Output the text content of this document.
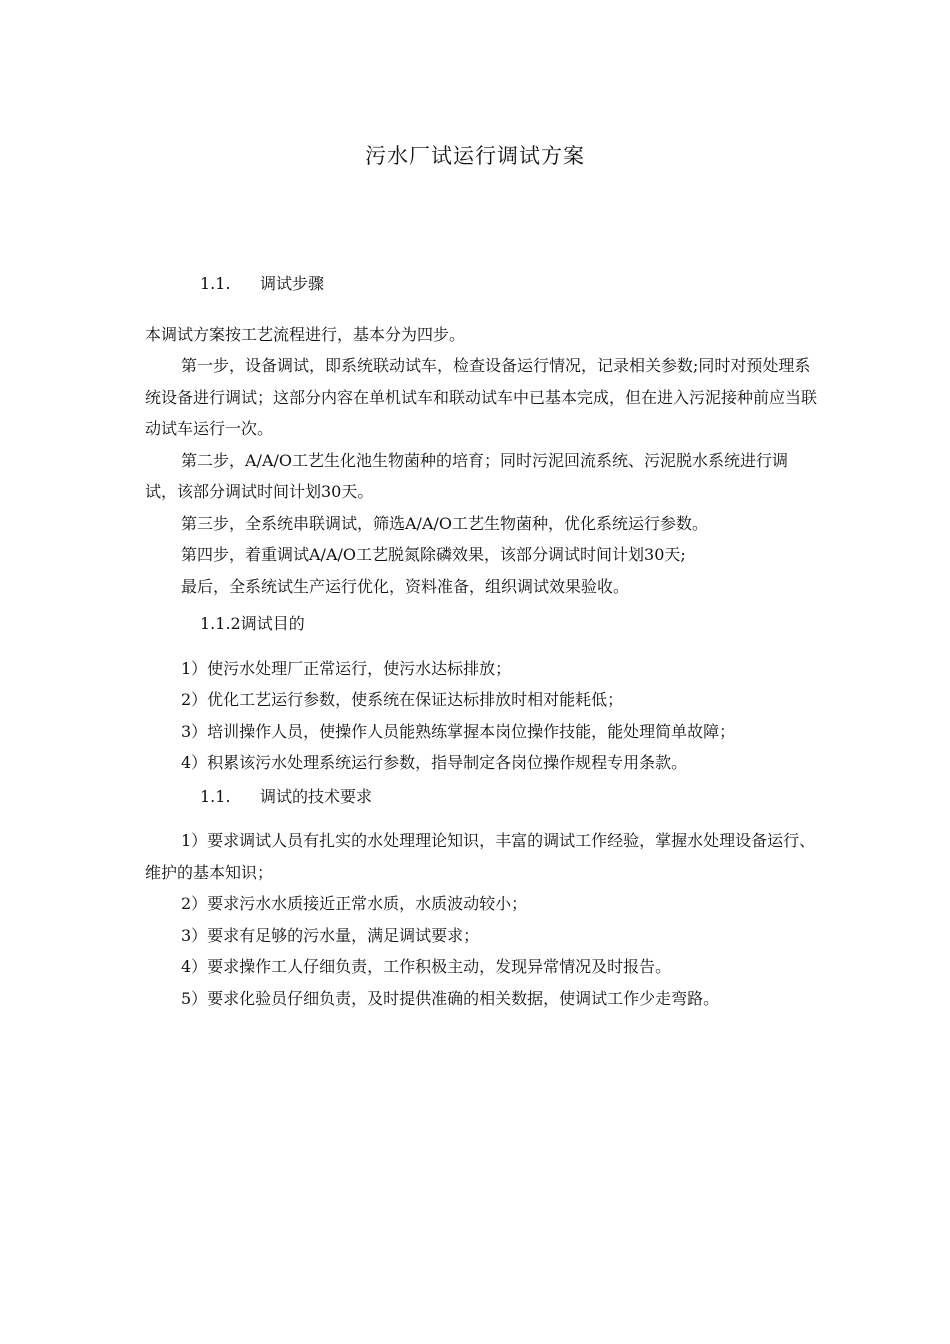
污水厂试运行调试方案
1.1. 调试步骤

本调试方案按工艺流程进行，基本分为四步。

第一步，设备调试，即系统联动试车，检查设备运行情况，记录相关参数;同时对预处理系统设备进行调试；这部分内容在单机试车和联动试车中已基本完成，但在进入污泥接种前应当联动试车运行一次。

第二步，A/A/O工艺生化池生物菌种的培育；同时污泥回流系统、污泥脱水系统进行调试，该部分调试时间计划30天。

第三步，全系统串联调试，筛选A/A/O工艺生物菌种，优化系统运行参数。

第四步，着重调试A/A/O工艺脱氮除磷效果，该部分调试时间计划30天;

最后，全系统试生产运行优化，资料准备，组织调试效果验收。

1.1.2调试目的

1）使污水处理厂正常运行，使污水达标排放；

2）优化工艺运行参数，使系统在保证达标排放时相对能耗低；

3）培训操作人员，使操作人员能熟练掌握本岗位操作技能，能处理简单故障；

4）积累该污水处理系统运行参数，指导制定各岗位操作规程专用条款。

1.1. 调试的技术要求

1）要求调试人员有扎实的水处理理论知识，丰富的调试工作经验，掌握水处理设备运行、维护的基本知识；

2）要求污水水质接近正常水质，水质波动较小；

3）要求有足够的污水量，满足调试要求；

4）要求操作工人仔细负责，工作积极主动，发现异常情况及时报告。

5）要求化验员仔细负责，及时提供准确的相关数据，使调试工作少走弯路。
